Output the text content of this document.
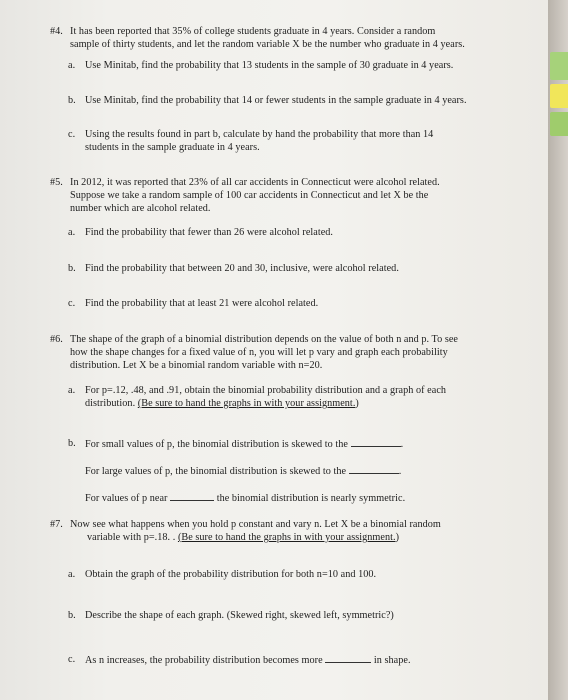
#4. It has been reported that 35% of college students graduate in 4 years. Consider a random
sample of thirty students, and let the random variable X be the number who graduate in 4 years.
a. Use Minitab, find the probability that 13 students in the sample of 30 graduate in 4 years.
b. Use Minitab, find the probability that 14 or fewer students in the sample graduate in 4 years.
c. Using the results found in part b, calculate by hand the probability that more than 14
students in the sample graduate in 4 years.
#5. In 2012, it was reported that 23% of all car accidents in Connecticut were alcohol related.
Suppose we take a random sample of 100 car accidents in Connecticut and let X be the
number which are alcohol related.
a. Find the probability that fewer than 26 were alcohol related.
b. Find the probability that between 20 and 30, inclusive, were alcohol related.
c. Find the probability that at least 21 were alcohol related.
#6. The shape of the graph of a binomial distribution depends on the value of both n and p. To see
how the shape changes for a fixed value of n, you will let p vary and graph each probability
distribution. Let X be a binomial random variable with n=20.
a. For p=.12, .48, and .91, obtain the binomial probability distribution and a graph of each
distribution. (Be sure to hand the graphs in with your assignment.)
b. For small values of p, the binomial distribution is skewed to the	.
For large values of p, the binomial distribution is skewed to the	.
For values of p near	the binomial distribution is nearly symmetric.
#7. Now see what happens when you hold p constant and vary n. Let X be a binomial random
variable with p=.18. . (Be sure to hand the graphs in with your assignment.)
a. Obtain the graph of the probability distribution for both n=10 and 100.
b. Describe the shape of each graph. (Skewed right, skewed left, symmetric?)
c. As n increases, the probability distribution becomes more	in shape.
